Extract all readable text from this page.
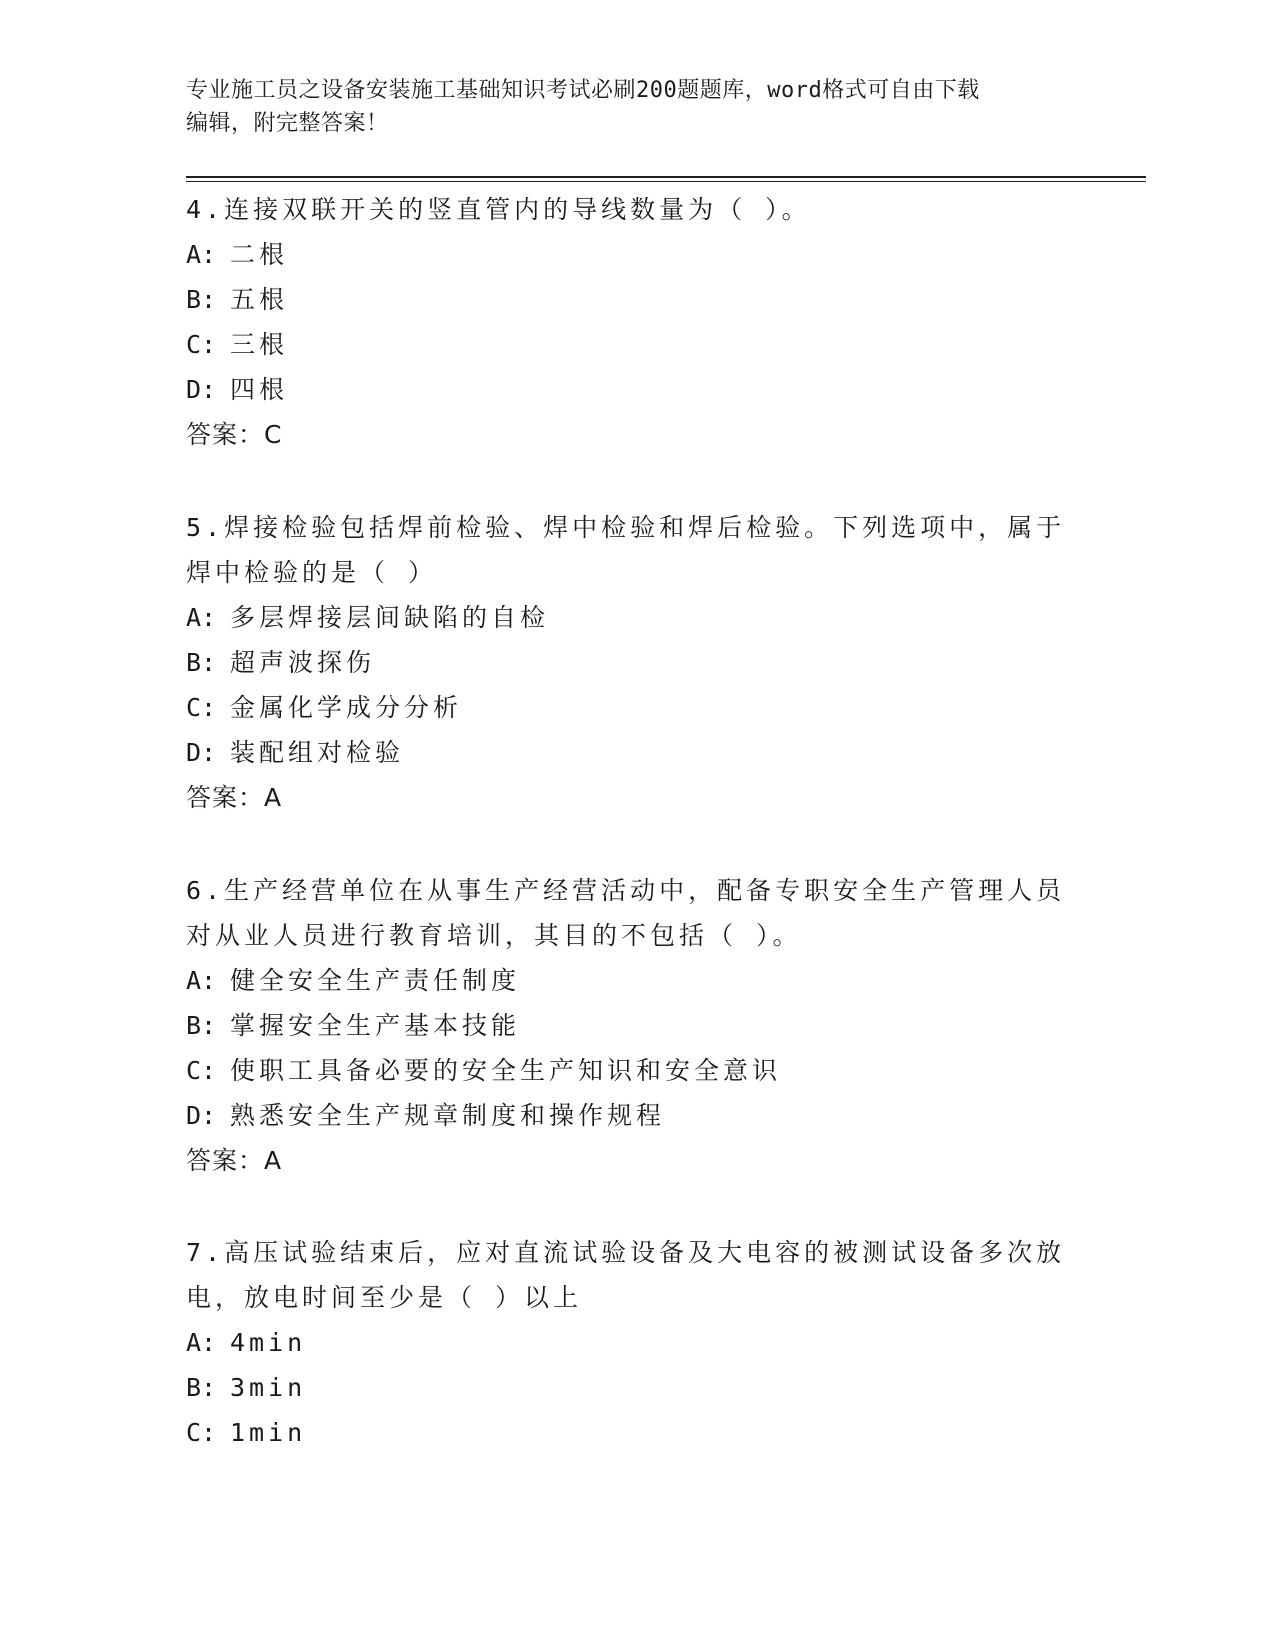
专业施工员之设备安装施工基础知识考试必刷200题题库，word格式可自由下载
编辑，附完整答案！
4.连接双联开关的竖直管内的导线数量为（ ）。
A: 二根
B: 五根
C: 三根
D: 四根
答案：C
5.焊接检验包括焊前检验、焊中检验和焊后检验。下列选项中，属于
焊中检验的是（ ）
A: 多层焊接层间缺陷的自检
B: 超声波探伤
C: 金属化学成分分析
D: 装配组对检验
答案：A
6.生产经营单位在从事生产经营活动中，配备专职安全生产管理人员
对从业人员进行教育培训，其目的不包括（ ）。
A: 健全安全生产责任制度
B: 掌握安全生产基本技能
C: 使职工具备必要的安全生产知识和安全意识
D: 熟悉安全生产规章制度和操作规程
答案：A
7.高压试验结束后，应对直流试验设备及大电容的被测试设备多次放
电，放电时间至少是（ ）以上
A: 4min
B: 3min
C: 1min
